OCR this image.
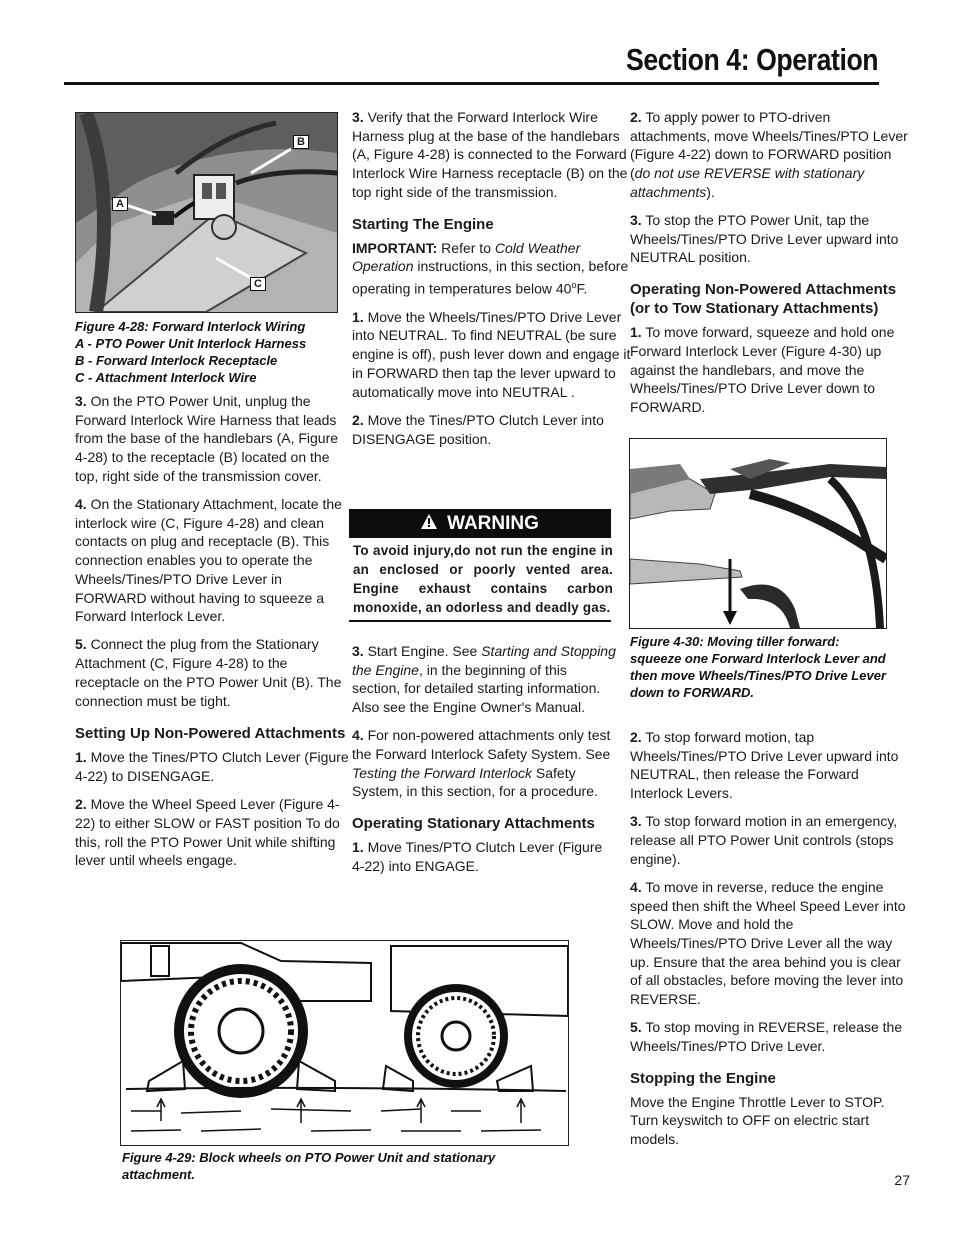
Section 4: Operation
B
A
C
Figure 4-28: Forward Interlock Wiring
A - PTO Power Unit Interlock Harness
B - Forward Interlock Receptacle
C - Attachment Interlock Wire

3. On the PTO Power Unit, unplug the Forward Interlock Wire Harness that leads from the base of the handlebars (A, Figure 4-28) to the receptacle (B) located on the top, right side of the transmission cover.

4. On the Stationary Attachment, locate the interlock wire (C, Figure 4-28) and clean contacts on plug and receptacle (B). This connection enables you to operate the Wheels/Tines/PTO Drive Lever in FORWARD without having to squeeze a Forward Interlock Lever.

5. Connect the plug from the Stationary Attachment (C, Figure 4-28) to the receptacle on the PTO Power Unit (B). The connection must be tight.

Setting Up Non-Powered Attachments

1. Move the Tines/PTO Clutch Lever (Figure 4-22) to DISENGAGE.

2. Move the Wheel Speed Lever (Figure 4-22) to either SLOW or FAST position To do this, roll the PTO Power Unit while shifting lever until wheels engage.

3. Verify that the Forward Interlock Wire Harness plug at the base of the handlebars (A, Figure 4-28) is connected to the Forward Interlock Wire Harness receptacle (B) on the top right side of the transmission.

Starting The Engine

IMPORTANT: Refer to Cold Weather Operation instructions, in this section, before operating in temperatures below 40$^o$F.

1. Move the Wheels/Tines/PTO Drive Lever into NEUTRAL. To find NEUTRAL (be sure engine is off), push lever down and engage it in FORWARD then tap the lever upward to automatically move into NEUTRAL .

2. Move the Tines/PTO Clutch Lever into DISENGAGE position.

WARNING
To avoid injury,do not run the engine in an enclosed or poorly vented area. Engine exhaust contains carbon monoxide, an odorless and deadly gas.

3. Start Engine. See Starting and Stopping the Engine, in the beginning of this section, for detailed starting information. Also see the Engine Owner's Manual.

4. For non-powered attachments only test the Forward Interlock Safety System. See Testing the Forward Interlock Safety System, in this section, for a procedure.

Operating Stationary Attachments

1. Move Tines/PTO Clutch Lever (Figure 4-22) into ENGAGE.

2. To apply power to PTO-driven attachments, move Wheels/Tines/PTO Lever (Figure 4-22) down to FORWARD position (do not use REVERSE with stationary attachments).

3. To stop the PTO Power Unit, tap the Wheels/Tines/PTO Drive Lever upward into NEUTRAL position.

Operating Non-Powered Attachments (or to Tow Stationary Attachments)

1. To move forward, squeeze and hold one Forward Interlock Lever (Figure 4-30) up against the handlebars, and move the Wheels/Tines/PTO Drive Lever down to FORWARD.

Figure 4-30: Moving tiller forward: squeeze one Forward Interlock Lever and then move Wheels/Tines/PTO Drive Lever down to FORWARD.

2. To stop forward motion, tap Wheels/Tines/PTO Drive Lever upward into NEUTRAL, then release the Forward Interlock Levers.

3. To stop forward motion in an emergency, release all PTO Power Unit controls (stops engine).

4. To move in reverse, reduce the engine speed then shift the Wheel Speed Lever into SLOW. Move and hold the Wheels/Tines/PTO Drive Lever all the way up. Ensure that the area behind you is clear of all obstacles, before moving the lever into REVERSE.

5. To stop moving in REVERSE, release the Wheels/Tines/PTO Drive Lever.

Stopping the Engine

Move the Engine Throttle Lever to STOP. Turn keyswitch to OFF on electric start models.

Figure 4-29: Block wheels on PTO Power Unit and stationary attachment.	27
